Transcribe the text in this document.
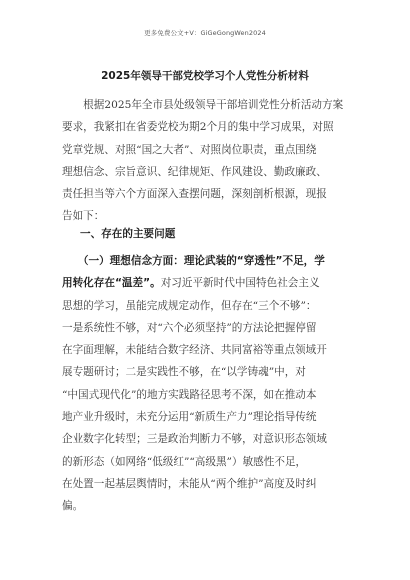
更多免费公文+V：GiGeGongWen2024
2025年领导干部党校学习个人党性分析材料
　　根据2025年全市县处级领导干部培训党性分析活动方案
要求，我紧扣在省委党校为期2个月的集中学习成果，对照
党章党规、对照“国之大者”、对照岗位职责，重点围绕
理想信念、宗旨意识、纪律规矩、作风建设、勤政廉政、
责任担当等六个方面深入查摆问题，深刻剖析根源，现报
告如下：
一、存在的主要问题
　　（一）理想信念方面：理论武装的“穿透性”不足，学
用转化存在“温差”。对习近平新时代中国特色社会主义
思想的学习，虽能完成规定动作，但存在“三个不够”：
一是系统性不够，对“六个必须坚持”的方法论把握停留
在字面理解，未能结合数字经济、共同富裕等重点领域开
展专题研讨；二是实践性不够，在“以学铸魂”中，对
“中国式现代化”的地方实践路径思考不深，如在推动本
地产业升级时，未充分运用“新质生产力”理论指导传统
企业数字化转型；三是政治判断力不够，对意识形态领域
的新形态（如网络“低级红”“高级黑”）敏感性不足，
在处置一起基层舆情时，未能从“两个维护”高度及时纠
偏。
